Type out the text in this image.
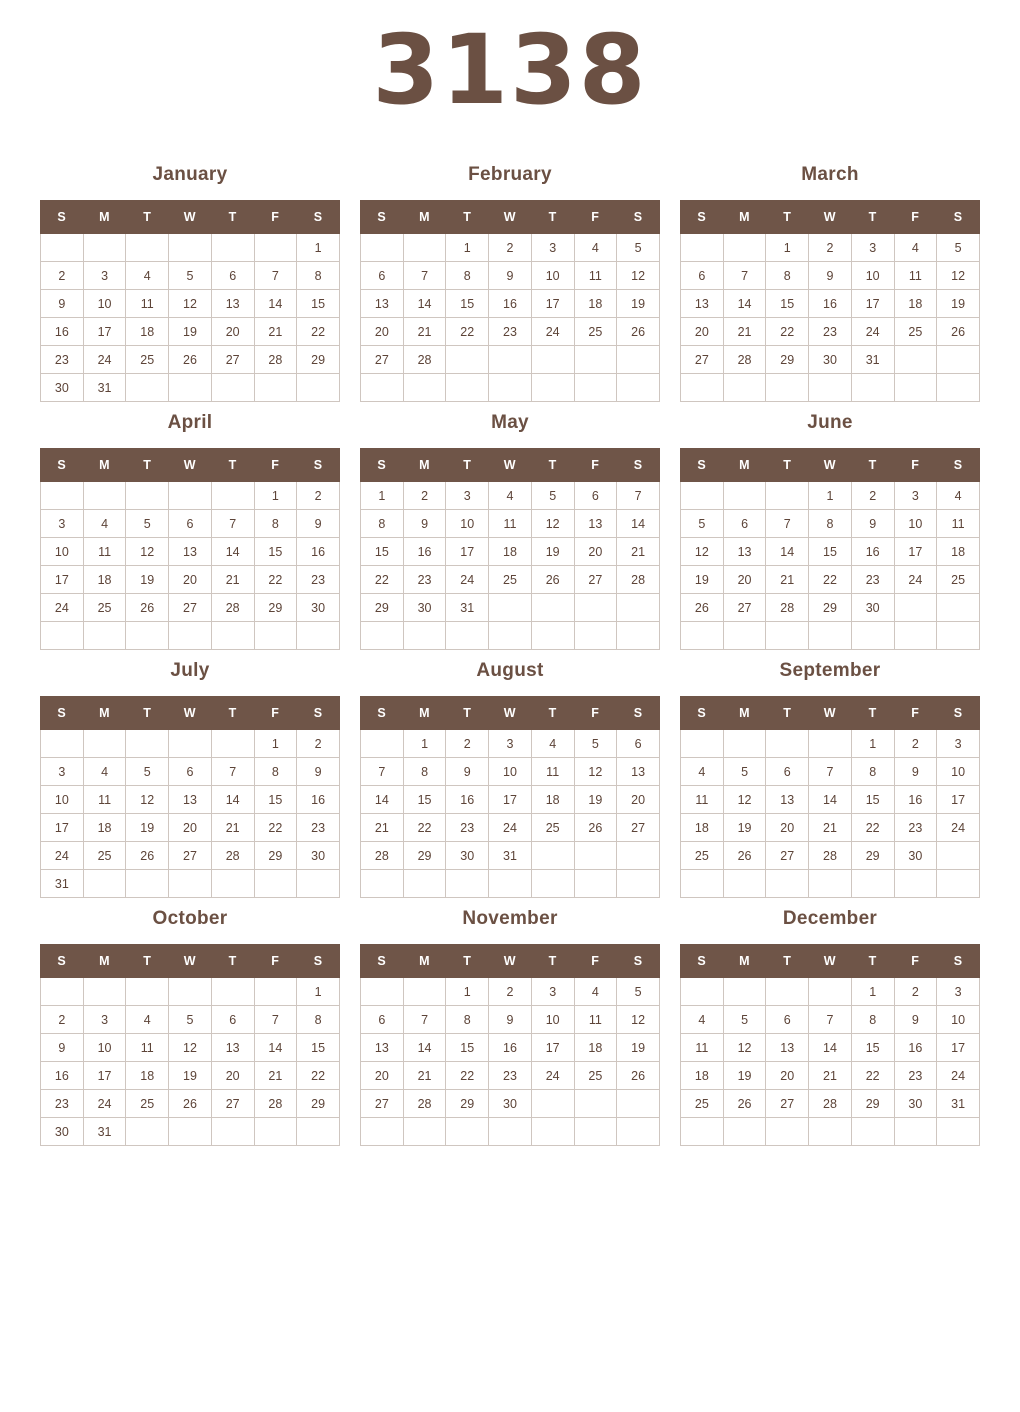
3138
January
S	M	T	W	T	F	S
						1
2	3	4	5	6	7	8
9	10	11	12	13	14	15
16	17	18	19	20	21	22
23	24	25	26	27	28	29
30	31					
February
S	M	T	W	T	F	S
		1	2	3	4	5
6	7	8	9	10	11	12
13	14	15	16	17	18	19
20	21	22	23	24	25	26
27	28					

March
S	M	T	W	T	F	S
		1	2	3	4	5
6	7	8	9	10	11	12
13	14	15	16	17	18	19
20	21	22	23	24	25	26
27	28	29	30	31		

April
S	M	T	W	T	F	S
					1	2
3	4	5	6	7	8	9
10	11	12	13	14	15	16
17	18	19	20	21	22	23
24	25	26	27	28	29	30

May
S	M	T	W	T	F	S
1	2	3	4	5	6	7
8	9	10	11	12	13	14
15	16	17	18	19	20	21
22	23	24	25	26	27	28
29	30	31				

June
S	M	T	W	T	F	S
			1	2	3	4
5	6	7	8	9	10	11
12	13	14	15	16	17	18
19	20	21	22	23	24	25
26	27	28	29	30		

July
S	M	T	W	T	F	S
					1	2
3	4	5	6	7	8	9
10	11	12	13	14	15	16
17	18	19	20	21	22	23
24	25	26	27	28	29	30
31						
August
S	M	T	W	T	F	S
	1	2	3	4	5	6
7	8	9	10	11	12	13
14	15	16	17	18	19	20
21	22	23	24	25	26	27
28	29	30	31			

September
S	M	T	W	T	F	S
				1	2	3
4	5	6	7	8	9	10
11	12	13	14	15	16	17
18	19	20	21	22	23	24
25	26	27	28	29	30	

October
S	M	T	W	T	F	S
						1
2	3	4	5	6	7	8
9	10	11	12	13	14	15
16	17	18	19	20	21	22
23	24	25	26	27	28	29
30	31					
November
S	M	T	W	T	F	S
		1	2	3	4	5
6	7	8	9	10	11	12
13	14	15	16	17	18	19
20	21	22	23	24	25	26
27	28	29	30			

December
S	M	T	W	T	F	S
				1	2	3
4	5	6	7	8	9	10
11	12	13	14	15	16	17
18	19	20	21	22	23	24
25	26	27	28	29	30	31
